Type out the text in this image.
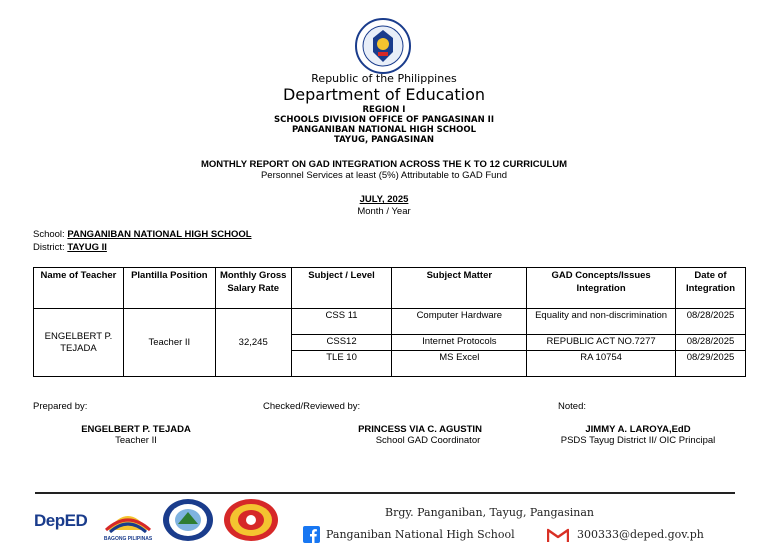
Republic of the Philippines
Department of Education
REGION I
SCHOOLS DIVISION OFFICE OF PANGASINAN II
PANGANIBAN NATIONAL HIGH SCHOOL
TAYUG, PANGASINAN
MONTHLY REPORT ON GAD INTEGRATION ACROSS THE K TO 12 CURRICULUM
Personnel Services at least (5%) Attributable to GAD Fund
JULY, 2025
Month / Year
School: PANGANIBAN NATIONAL HIGH SCHOOL
District: TAYUG II
Name of Teacher	Plantilla Position	Monthly Gross Salary Rate	Subject / Level	Subject Matter	GAD Concepts/Issues Integration	Date of Integration
ENGELBERT P. TEJADA	Teacher II	32,245	CSS 11	Computer Hardware	Equality and non-discrimination	08/28/2025
			CSS12	Internet Protocols	REPUBLIC ACT NO.7277	08/28/2025
			TLE 10	MS Excel	RA 10754	08/29/2025
Prepared by:	Checked/Reviewed by:	Noted:
ENGELBERT P. TEJADA
Teacher II
PRINCESS VIA C. AGUSTIN
School GAD Coordinator
JIMMY A. LAROYA,EdD
PSDS Tayug District II/ OIC Principal
DepED
BAGONG PILIPINAS
Brgy. Panganiban, Tayug, Pangasinan
Panganiban National High School	300333@deped.gov.ph
